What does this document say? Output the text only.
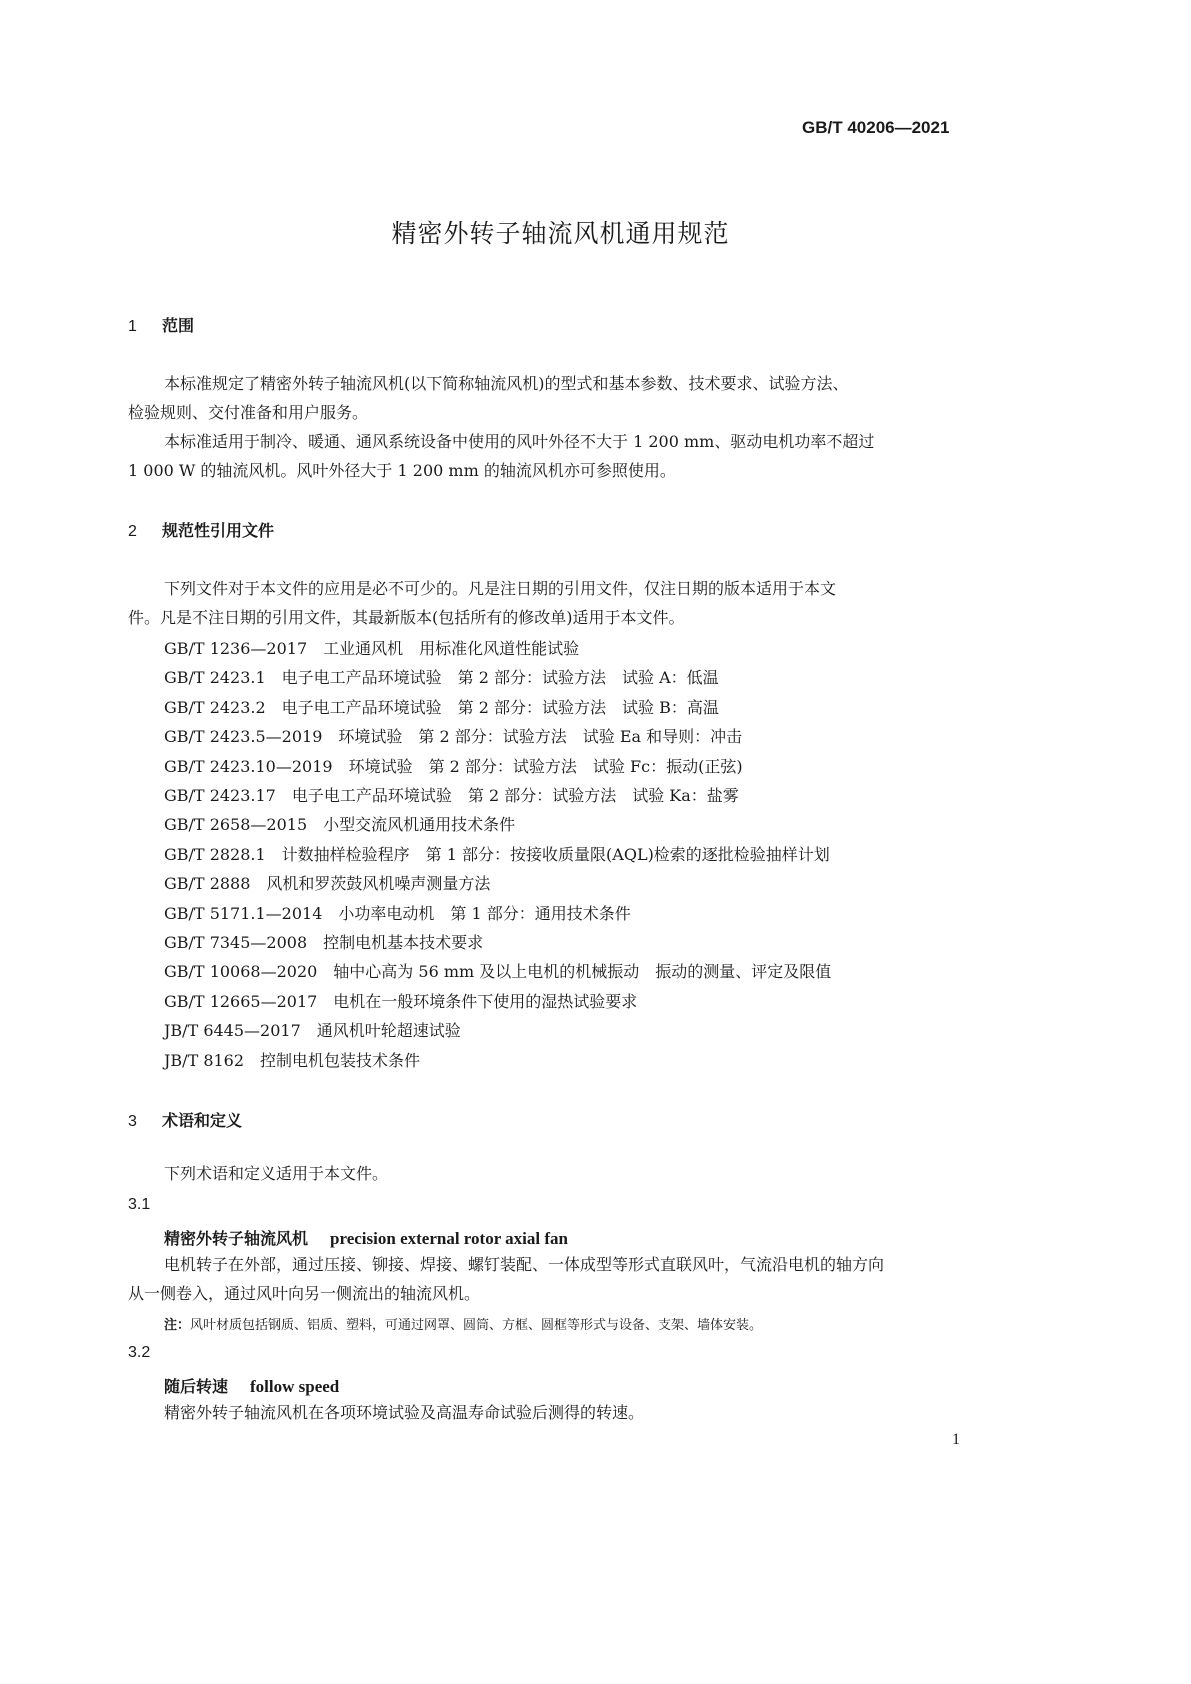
GB/T 40206—2021
精密外转子轴流风机通用规范
1 范围
本标准规定了精密外转子轴流风机(以下简称轴流风机)的型式和基本参数、技术要求、试验方法、
检验规则、交付准备和用户服务。
本标准适用于制冷、暖通、通风系统设备中使用的风叶外径不大于 1 200 mm、驱动电机功率不超过
1 000 W 的轴流风机。风叶外径大于 1 200 mm 的轴流风机亦可参照使用。
2 规范性引用文件
下列文件对于本文件的应用是必不可少的。凡是注日期的引用文件，仅注日期的版本适用于本文
件。凡是不注日期的引用文件，其最新版本(包括所有的修改单)适用于本文件。
GB/T 1236—2017　工业通风机　用标准化风道性能试验
GB/T 2423.1　电子电工产品环境试验　第 2 部分：试验方法　试验 A：低温
GB/T 2423.2　电子电工产品环境试验　第 2 部分：试验方法　试验 B：高温
GB/T 2423.5—2019　环境试验　第 2 部分：试验方法　试验 Ea 和导则：冲击
GB/T 2423.10—2019　环境试验　第 2 部分：试验方法　试验 Fc：振动(正弦)
GB/T 2423.17　电子电工产品环境试验　第 2 部分：试验方法　试验 Ka：盐雾
GB/T 2658—2015　小型交流风机通用技术条件
GB/T 2828.1　计数抽样检验程序　第 1 部分：按接收质量限(AQL)检索的逐批检验抽样计划
GB/T 2888　风机和罗茨鼓风机噪声测量方法
GB/T 5171.1—2014　小功率电动机　第 1 部分：通用技术条件
GB/T 7345—2008　控制电机基本技术要求
GB/T 10068—2020　轴中心高为 56 mm 及以上电机的机械振动　振动的测量、评定及限值
GB/T 12665—2017　电机在一般环境条件下使用的湿热试验要求
JB/T 6445—2017　通风机叶轮超速试验
JB/T 8162　控制电机包装技术条件
3 术语和定义
下列术语和定义适用于本文件。
3.1
精密外转子轴流风机 precision external rotor axial fan
电机转子在外部，通过压接、铆接、焊接、螺钉装配、一体成型等形式直联风叶，气流沿电机的轴方向
从一侧卷入，通过风叶向另一侧流出的轴流风机。
注：风叶材质包括钢质、铝质、塑料，可通过网罩、圆筒、方框、圆框等形式与设备、支架、墙体安装。
3.2
随后转速 follow speed
精密外转子轴流风机在各项环境试验及高温寿命试验后测得的转速。
1
